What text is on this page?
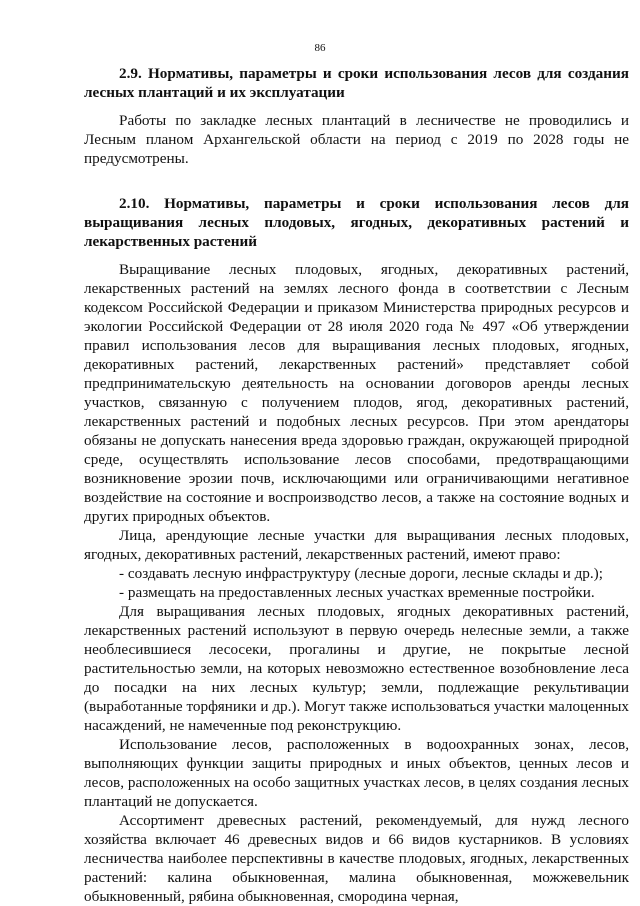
86

2.9. Нормативы, параметры и сроки использования лесов для создания лесных плантаций и их эксплуатации

Работы по закладке лесных плантаций в лесничестве не проводились и Лесным планом Архангельской области на период с 2019 по 2028 годы не предусмотрены.

2.10. Нормативы, параметры и сроки использования лесов для выращивания лесных плодовых, ягодных, декоративных растений и лекарственных растений

Выращивание лесных плодовых, ягодных, декоративных растений, лекарственных растений на землях лесного фонда в соответствии с Лесным кодексом Российской Федерации и приказом Министерства природных ресурсов и экологии Российской Федерации от 28 июля 2020 года № 497 «Об утверждении правил использования лесов для выращивания лесных плодовых, ягодных, декоративных растений, лекарственных растений» представляет собой предпринимательскую деятельность на основании договоров аренды лесных участков, связанную с получением плодов, ягод, декоративных растений, лекарственных растений и подобных лесных ресурсов. При этом арендаторы обязаны не допускать нанесения вреда здоровью граждан, окружающей природной среде, осуществлять использование лесов способами, предотвращающими возникновение эрозии почв, исключающими или ограничивающими негативное воздействие на состояние и воспроизводство лесов, а также на состояние водных и других природных объектов.

Лица, арендующие лесные участки для выращивания лесных плодовых, ягодных, декоративных растений, лекарственных растений, имеют право:

- создавать лесную инфраструктуру (лесные дороги, лесные склады и др.);

- размещать на предоставленных лесных участках временные постройки.

Для выращивания лесных плодовых, ягодных декоративных растений, лекарственных растений используют в первую очередь нелесные земли, а также необлесившиеся лесосеки, прогалины и другие, не покрытые лесной растительностью земли, на которых невозможно естественное возобновление леса до посадки на них лесных культур; земли, подлежащие рекультивации (выработанные торфяники и др.). Могут также использоваться участки малоценных насаждений, не намеченные под реконструкцию.

Использование лесов, расположенных в водоохранных зонах, лесов, выполняющих функции защиты природных и иных объектов, ценных лесов и лесов, расположенных на особо защитных участках лесов, в целях создания лесных плантаций не допускается.

Ассортимент древесных растений, рекомендуемый, для нужд лесного хозяйства включает 46 древесных видов и 66 видов кустарников. В условиях лесничества наиболее перспективны в качестве плодовых, ягодных, лекарственных растений: калина обыкновенная, малина обыкновенная, можжевельник обыкновенный, рябина обыкновенная, смородина черная,
